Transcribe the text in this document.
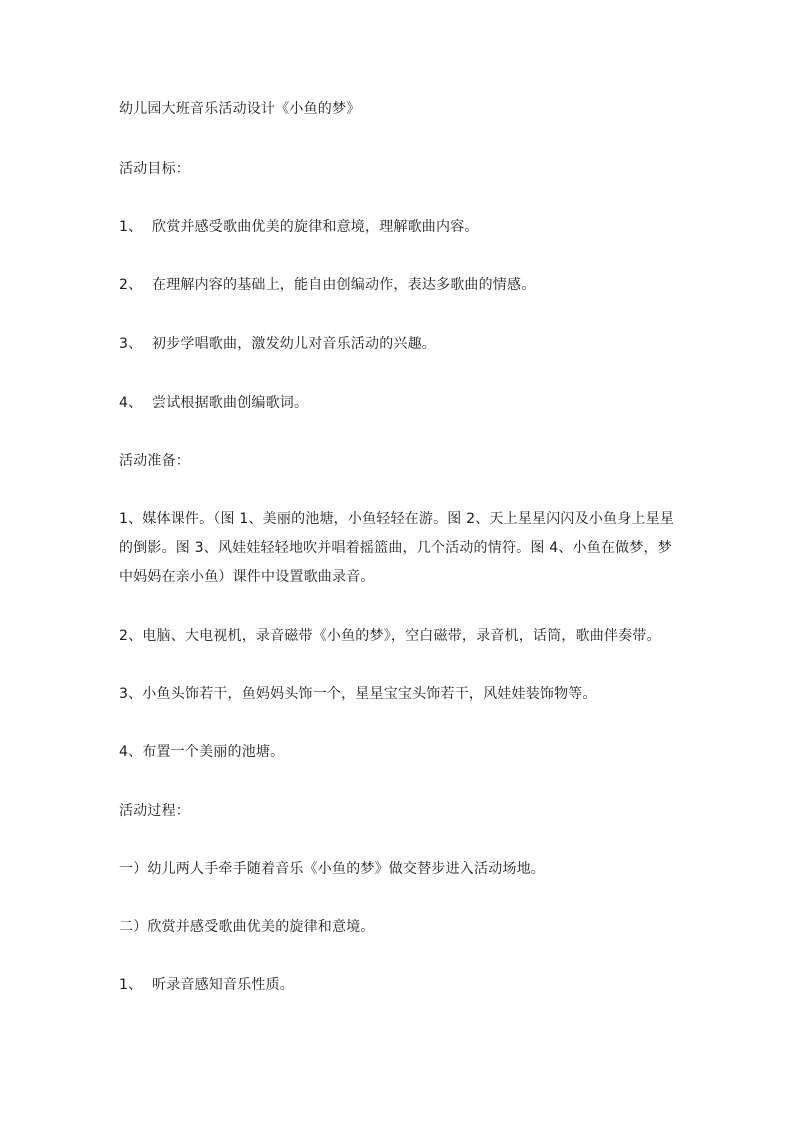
幼儿园大班音乐活动设计《小鱼的梦》
活动目标：
1、 欣赏并感受歌曲优美的旋律和意境，理解歌曲内容。
2、 在理解内容的基础上，能自由创编动作，表达多歌曲的情感。
3、 初步学唱歌曲，激发幼儿对音乐活动的兴趣。
4、 尝试根据歌曲创编歌词。
活动准备：
1、媒体课件。（图 1、美丽的池塘，小鱼轻轻在游。图 2、天上星星闪闪及小鱼身上星星的倒影。图 3、风娃娃轻轻地吹并唱着摇篮曲，几个活动的情符。图 4、小鱼在做梦，梦中妈妈在亲小鱼）课件中设置歌曲录音。
2、电脑、大电视机，录音磁带《小鱼的梦》，空白磁带，录音机，话筒，歌曲伴奏带。
3、小鱼头饰若干，鱼妈妈头饰一个，星星宝宝头饰若干，风娃娃装饰物等。
4、布置一个美丽的池塘。
活动过程：
一）幼儿两人手牵手随着音乐《小鱼的梦》做交替步进入活动场地。
二）欣赏并感受歌曲优美的旋律和意境。
1、 听录音感知音乐性质。
